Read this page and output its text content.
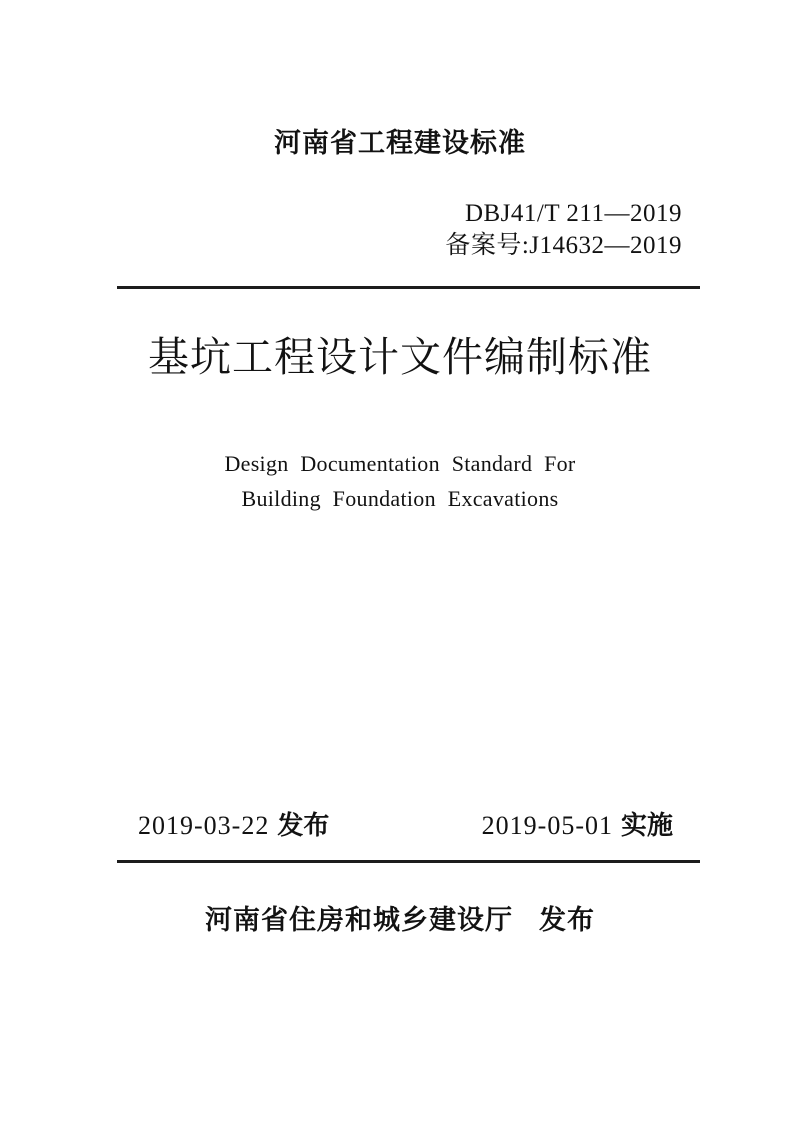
河南省工程建设标准
DBJ41/T 211—2019
备案号:J14632—2019
基坑工程设计文件编制标准
Design Documentation Standard For
Building Foundation Excavations
2019-03-22 发布	2019-05-01 实施
河南省住房和城乡建设厅 发布
